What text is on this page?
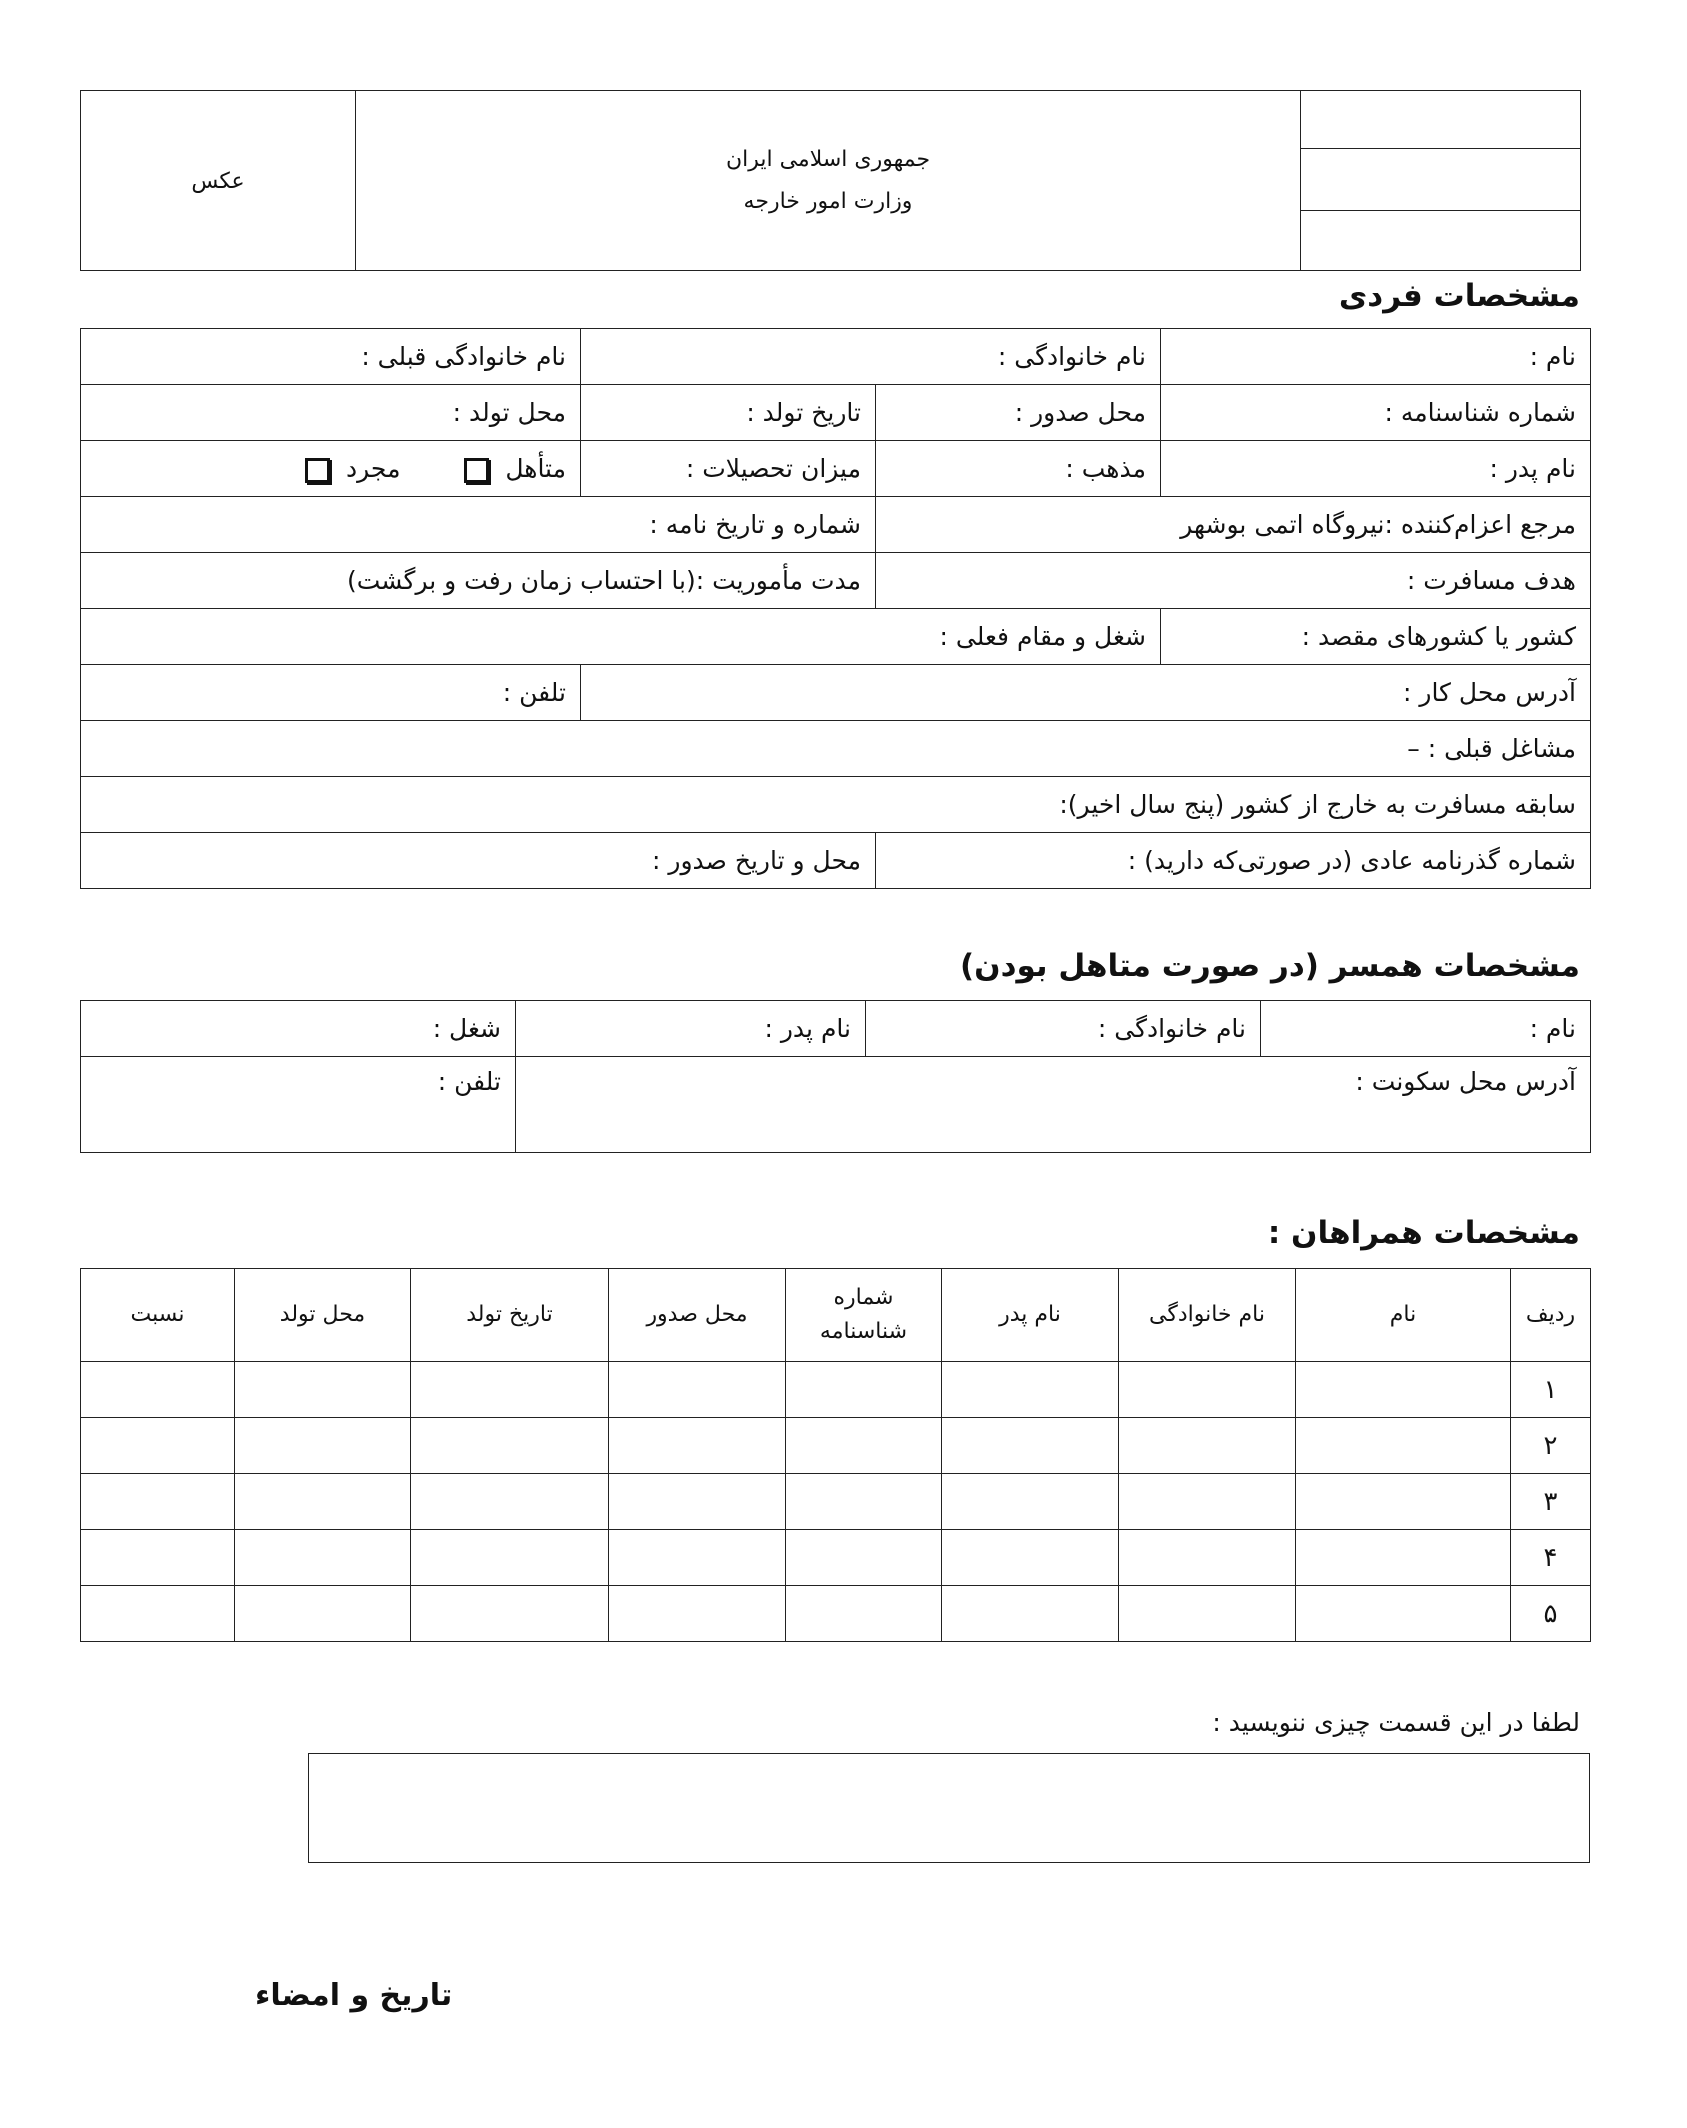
عکس	
جمهوری اسلامی ایران
وزارت امور خارجه

مشخصات فردی
نام :	نام خانوادگی :		نام خانوادگی قبلی :
شماره شناسنامه :	محل صدور :	تاریخ تولد :	محل تولد :
نام پدر :	مذهب :	میزان تحصیلات :	متأهل   مجرد
مرجع اعزام‌کننده :نیروگاه اتمی بوشهر		شماره و تاریخ نامه :	
هدف مسافرت :		مدت مأموریت :(با احتساب زمان رفت و برگشت)	
کشور یا کشورهای مقصد :	شغل و مقام فعلی :		
آدرس محل کار :			تلفن :
مشاغل قبلی : –			
سابقه مسافرت به خارج از کشور (پنج سال اخیر):			
شماره گذرنامه عادی (در صورتی‌که دارید) :		محل و تاریخ صدور :	
مشخصات همسر (در صورت متاهل بودن)
نام :	نام خانوادگی :	نام پدر :	شغل :
آدرس محل سکونت :			تلفن :
مشخصات همراهان :
ردیف	نام	نام خانوادگی	نام پدر	شماره شناسنامه	محل صدور	تاریخ تولد	محل تولد	نسبت
۱								
۲								
۳								
۴								
۵								
لطفا در این قسمت چیزی ننویسید :
تاریخ و امضاء
